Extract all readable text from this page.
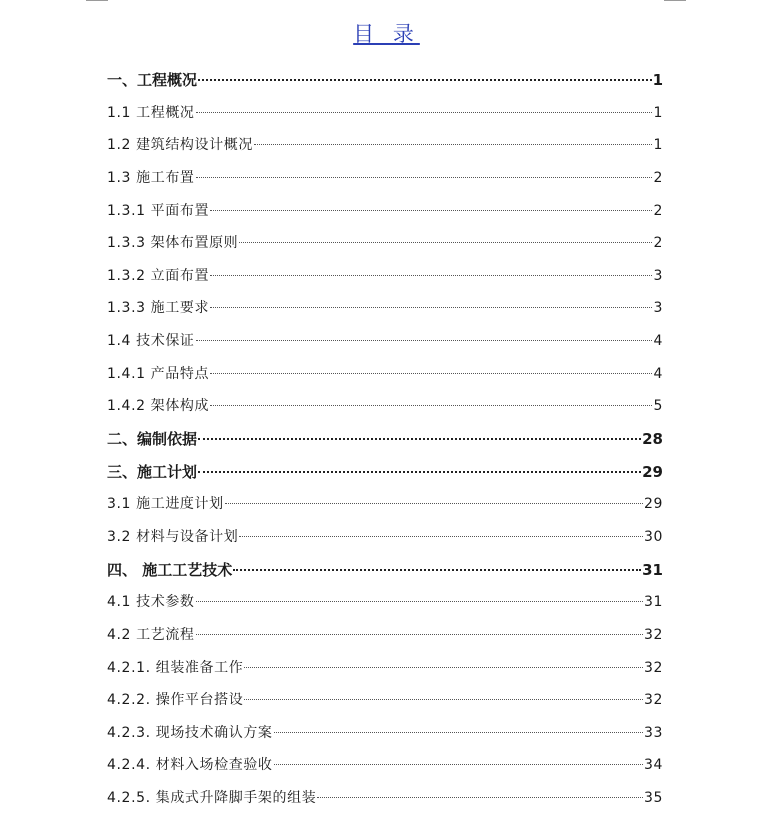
目 录
一、工程概况	1
1.1 工程概况	1
1.2 建筑结构设计概况	1
1.3 施工布置	2
1.3.1 平面布置	2
1.3.3 架体布置原则	2
1.3.2 立面布置	3
1.3.3 施工要求	3
1.4 技术保证	4
1.4.1 产品特点	4
1.4.2 架体构成	5
二、编制依据	28
三、施工计划	29
3.1 施工进度计划	29
3.2 材料与设备计划	30
四、 施工工艺技术	31
4.1 技术参数	31
4.2 工艺流程	32
4.2.1. 组装准备工作	32
4.2.2. 操作平台搭设	32
4.2.3. 现场技术确认方案	33
4.2.4. 材料入场检查验收	34
4.2.5. 集成式升降脚手架的组装	35
